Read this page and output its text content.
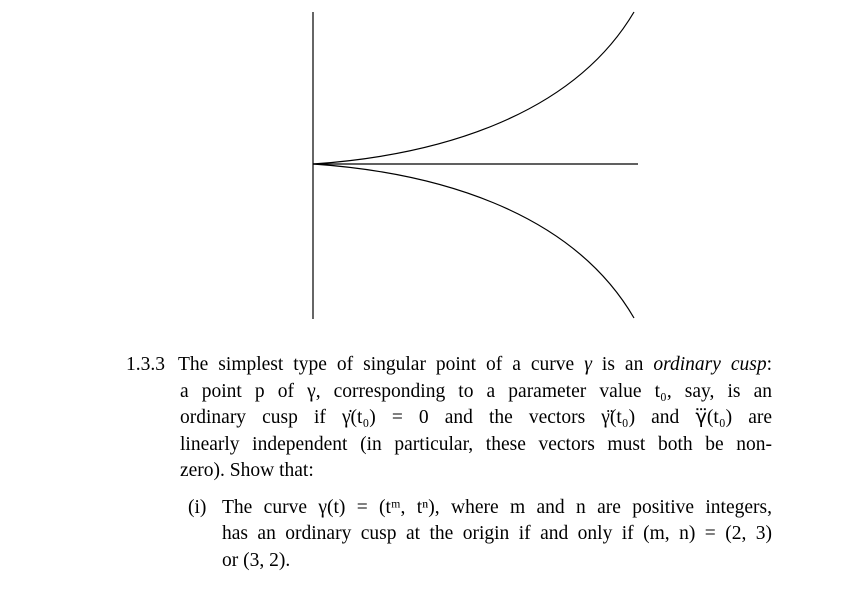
1.3.3 The simplest type of singular point of a curve γ is an ordinary cusp:
a point p of γ, corresponding to a parameter value t₀, say, is an
ordinary cusp if γ̇(t₀) = 0 and the vectors γ̈(t₀) and γ⃛(t₀) are
linearly independent (in particular, these vectors must both be non-
zero). Show that:
(i) The curve γ(t) = (tᵐ, tⁿ), where m and n are positive integers,
has an ordinary cusp at the origin if and only if (m, n) = (2, 3)
or (3, 2).
